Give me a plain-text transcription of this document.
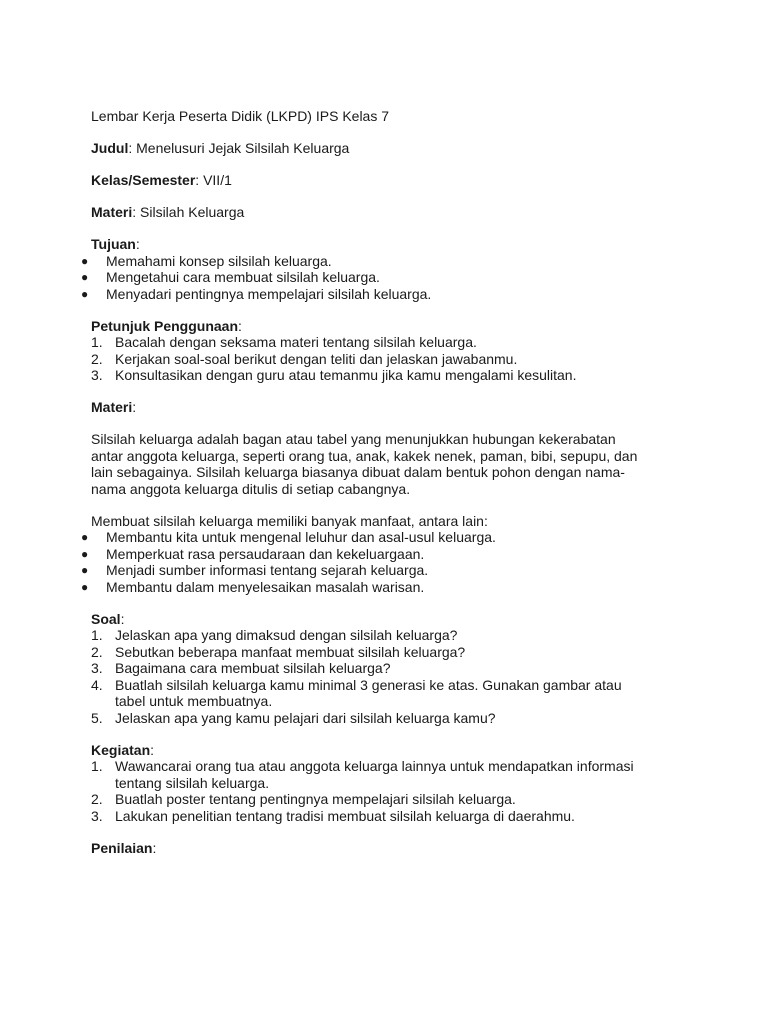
Lembar Kerja Peserta Didik (LKPD) IPS Kelas 7

Judul: Menelusuri Jejak Silsilah Keluarga

Kelas/Semester: VII/1

Materi: Silsilah Keluarga

Tujuan:

● Memahami konsep silsilah keluarga.
● Mengetahui cara membuat silsilah keluarga.
● Menyadari pentingnya mempelajari silsilah keluarga.

Petunjuk Penggunaan:

1. Bacalah dengan seksama materi tentang silsilah keluarga.
2. Kerjakan soal-soal berikut dengan teliti dan jelaskan jawabanmu.
3. Konsultasikan dengan guru atau temanmu jika kamu mengalami kesulitan.

Materi:

Silsilah keluarga adalah bagan atau tabel yang menunjukkan hubungan kekerabatan antar anggota keluarga, seperti orang tua, anak, kakek nenek, paman, bibi, sepupu, dan lain sebagainya. Silsilah keluarga biasanya dibuat dalam bentuk pohon dengan nama-nama anggota keluarga ditulis di setiap cabangnya.

Membuat silsilah keluarga memiliki banyak manfaat, antara lain:

● Membantu kita untuk mengenal leluhur dan asal-usul keluarga.
● Memperkuat rasa persaudaraan dan kekeluargaan.
● Menjadi sumber informasi tentang sejarah keluarga.
● Membantu dalam menyelesaikan masalah warisan.

Soal:

1. Jelaskan apa yang dimaksud dengan silsilah keluarga?
2. Sebutkan beberapa manfaat membuat silsilah keluarga?
3. Bagaimana cara membuat silsilah keluarga?
4. Buatlah silsilah keluarga kamu minimal 3 generasi ke atas. Gunakan gambar atau tabel untuk membuatnya.
5. Jelaskan apa yang kamu pelajari dari silsilah keluarga kamu?

Kegiatan:

1. Wawancarai orang tua atau anggota keluarga lainnya untuk mendapatkan informasi tentang silsilah keluarga.
2. Buatlah poster tentang pentingnya mempelajari silsilah keluarga.
3. Lakukan penelitian tentang tradisi membuat silsilah keluarga di daerahmu.

Penilaian:
